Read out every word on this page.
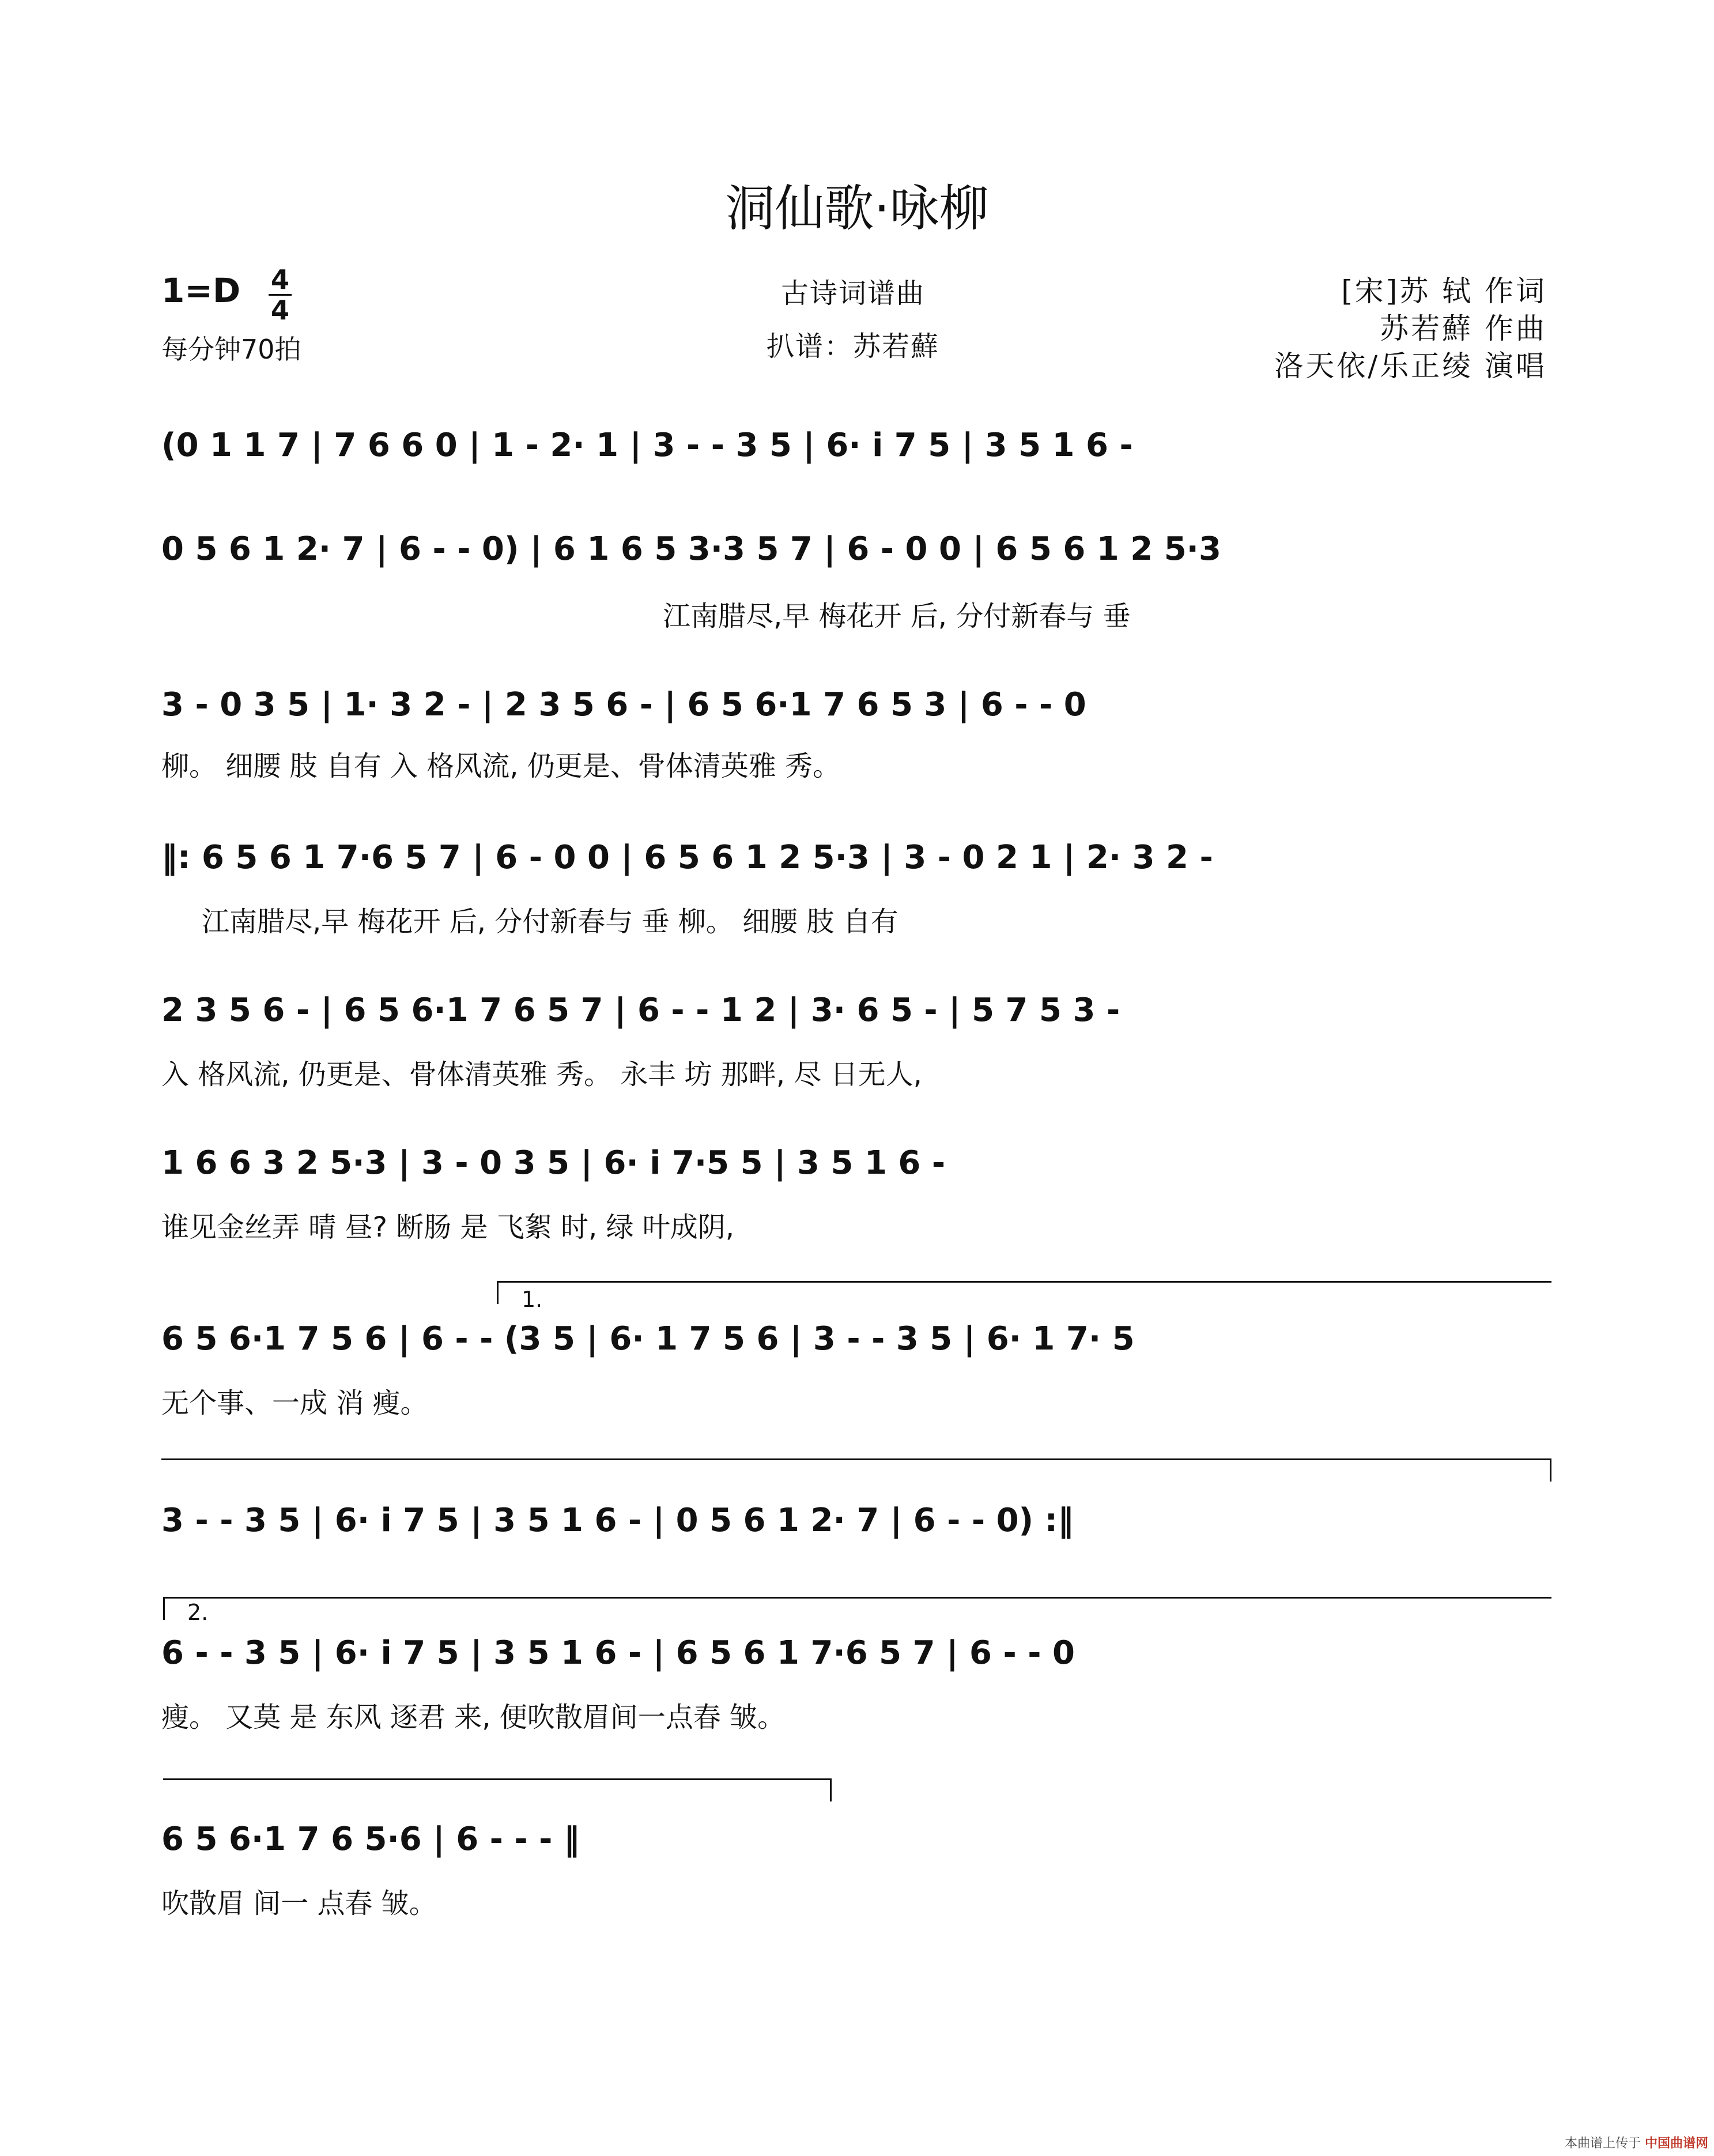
洞仙歌·咏柳
1=D 4
4
每分钟70拍
古诗词谱曲
扒谱：苏若蘚
[宋]苏 轼 作词
苏若蘚 作曲
洛天依/乐正绫 演唱
(0 1 1 7 | 7 6 6 0 | 1 - 2· 1 | 3 - - 3 5 | 6· i 7 5 | 3 5 1 6 -
0 5 6 1 2· 7 | 6 - - 0) | 6 1 6 5 3·3 5 7 | 6 - 0 0 | 6 5 6 1 2 5·3
江南腊尽,早 梅花开 后, 分付新春与 垂
3 - 0 3 5 | 1· 3 2 - | 2 3 5 6 - | 6 5 6·1 7 6 5 3 | 6 - - 0
柳。 细腰 肢 自有 入 格风流, 仍更是、骨体清英雅 秀。
‖: 6 5 6 1 7·6 5 7 | 6 - 0 0 | 6 5 6 1 2 5·3 | 3 - 0 2 1 | 2· 3 2 -
江南腊尽,早 梅花开 后, 分付新春与 垂 柳。 细腰 肢 自有
2 3 5 6 - | 6 5 6·1 7 6 5 7 | 6 - - 1 2 | 3· 6 5 - | 5 7 5 3 -
入 格风流, 仍更是、骨体清英雅 秀。 永丰 坊 那畔, 尽 日无人,
1 6 6 3 2 5·3 | 3 - 0 3 5 | 6· i 7·5 5 | 3 5 1 6 -
谁见金丝弄 晴 昼? 断肠 是 飞絮 时, 绿 叶成阴,
1.
6 5 6·1 7 5 6 | 6 - - (3 5 | 6· 1 7 5 6 | 3 - - 3 5 | 6· 1 7· 5
无个事、一成 消 瘦。
3 - - 3 5 | 6· i 7 5 | 3 5 1 6 - | 0 5 6 1 2· 7 | 6 - - 0) :‖
2.
6 - - 3 5 | 6· i 7 5 | 3 5 1 6 - | 6 5 6 1 7·6 5 7 | 6 - - 0
瘦。 又莫 是 东风 逐君 来, 便吹散眉间一点春 皱。
6 5 6·1 7 6 5·6 | 6 - - - ‖
吹散眉 间一 点春 皱。
本曲谱上传于 中国曲谱网
